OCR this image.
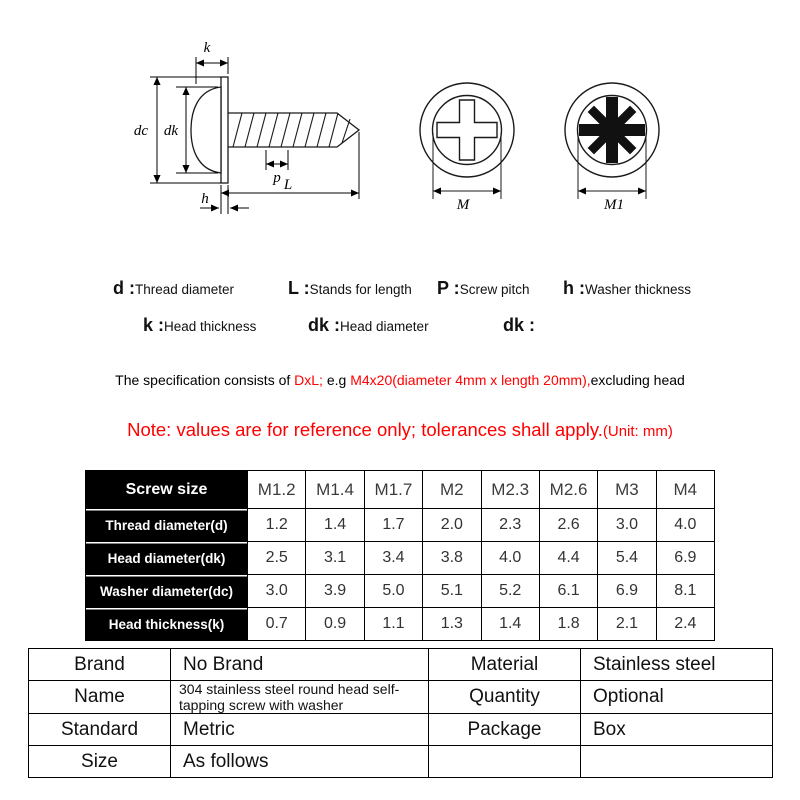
k
dc dk
p L
h	M	M1
d :Thread diameter	L :Stands for length P :Screw pitch h :Washer thickness
k :Head thickness	dk :Head diameter	dk :
The specification consists of DxL; e.g M4x20(diameter 4mm x length 20mm),excluding head
Note: values are for reference only; tolerances shall apply.(Unit: mm)
Screw size	M1.2	M1.4	M1.7	M2	M2.3	M2.6	M3	M4
Thread diameter(d)	1.2	1.4	1.7	2.0	2.3	2.6	3.0	4.0
Head diameter(dk)	2.5	3.1	3.4	3.8	4.0	4.4	5.4	6.9
Washer diameter(dc)	3.0	3.9	5.0	5.1	5.2	6.1	6.9	8.1
Head thickness(k)	0.7	0.9	1.1	1.3	1.4	1.8	2.1	2.4
Brand	No Brand	Material	Stainless steel
Name	304 stainless steel round head self-tapping screw with washer	Quantity	Optional
Standard	Metric	Package	Box
Size	As follows		
